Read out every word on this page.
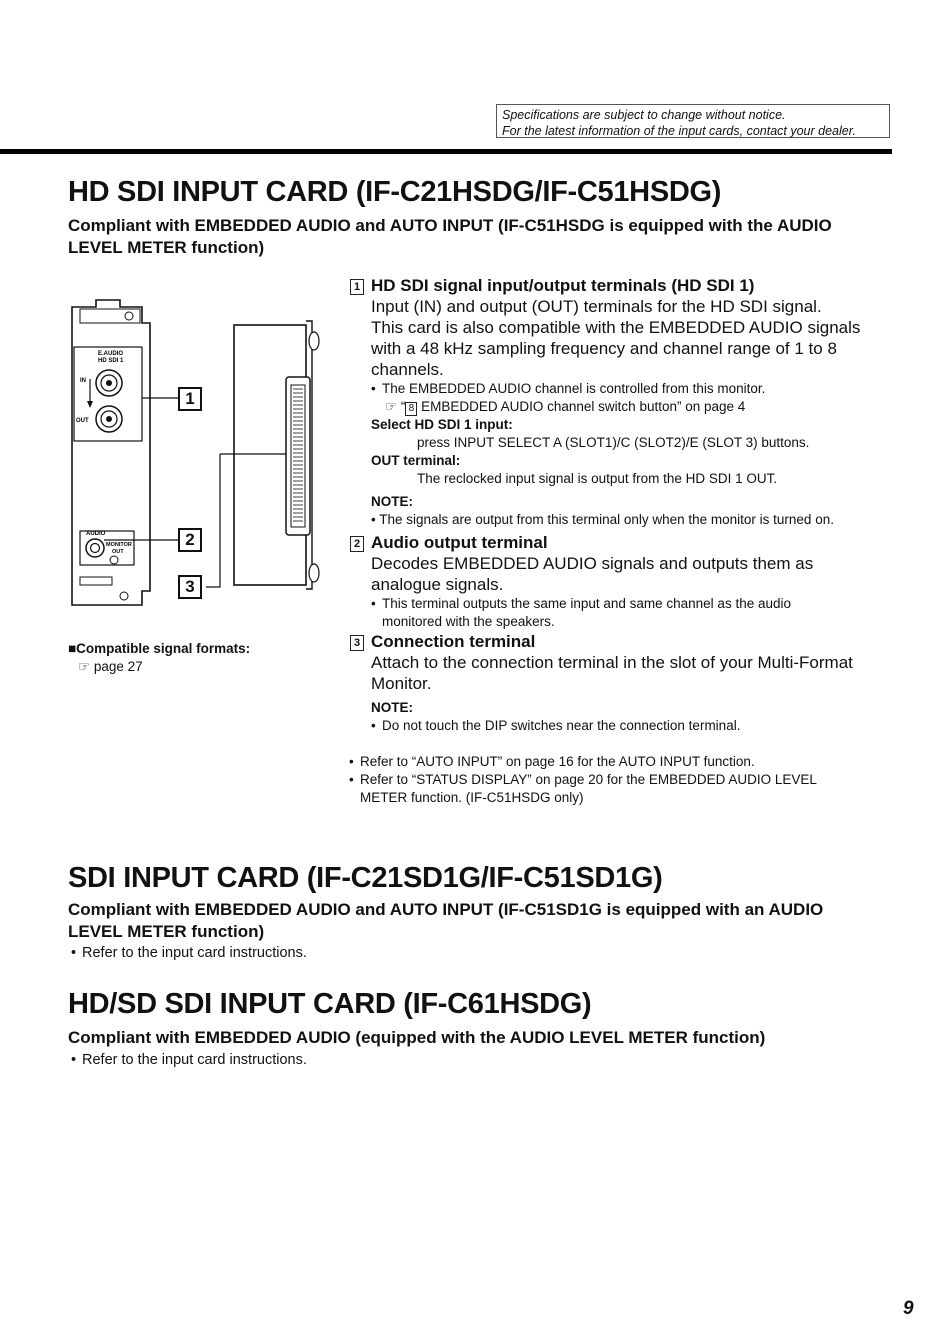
Specifications are subject to change without notice.
For the latest information of the input cards, contact your dealer.
HD SDI INPUT CARD (IF-C21HSDG/IF-C51HSDG)
Compliant with EMBEDDED AUDIO and AUTO INPUT (IF-C51HSDG is equipped with the AUDIO
LEVEL METER function)
E.AUDIO
HD SDI 1
IN
OUT
AUDIO
MONITOR
OUT
1
2
3
■Compatible signal formats:
☞ page 27
1 HD SDI signal input/output terminals (HD SDI 1)
Input (IN) and output (OUT) terminals for the HD SDI signal.
This card is also compatible with the EMBEDDED AUDIO signals
with a 48 kHz sampling frequency and channel range of 1 to 8
channels.
• The EMBEDDED AUDIO channel is controlled from this monitor.
☞ “ 8 EMBEDDED AUDIO channel switch button” on page 4
Select HD SDI 1 input:
press INPUT SELECT A (SLOT1)/C (SLOT2)/E (SLOT 3) buttons.
OUT terminal:
The reclocked input signal is output from the HD SDI 1 OUT.
NOTE:
• The signals are output from this terminal only when the monitor is turned on.
2 Audio output terminal
Decodes EMBEDDED AUDIO signals and outputs them as
analogue signals.
• This terminal outputs the same input and same channel as the audio
monitored with the speakers.
3 Connection terminal
Attach to the connection terminal in the slot of your Multi-Format
Monitor.
NOTE:
• Do not touch the DIP switches near the connection terminal.
• Refer to “AUTO INPUT” on page 16 for the AUTO INPUT function.
• Refer to “STATUS DISPLAY” on page 20 for the EMBEDDED AUDIO LEVEL
METER function. (IF-C51HSDG only)
SDI INPUT CARD (IF-C21SD1G/IF-C51SD1G)
Compliant with EMBEDDED AUDIO and AUTO INPUT (IF-C51SD1G is equipped with an AUDIO
LEVEL METER function)
• Refer to the input card instructions.
HD/SD SDI INPUT CARD (IF-C61HSDG)
Compliant with EMBEDDED AUDIO (equipped with the AUDIO LEVEL METER function)
• Refer to the input card instructions.
9
